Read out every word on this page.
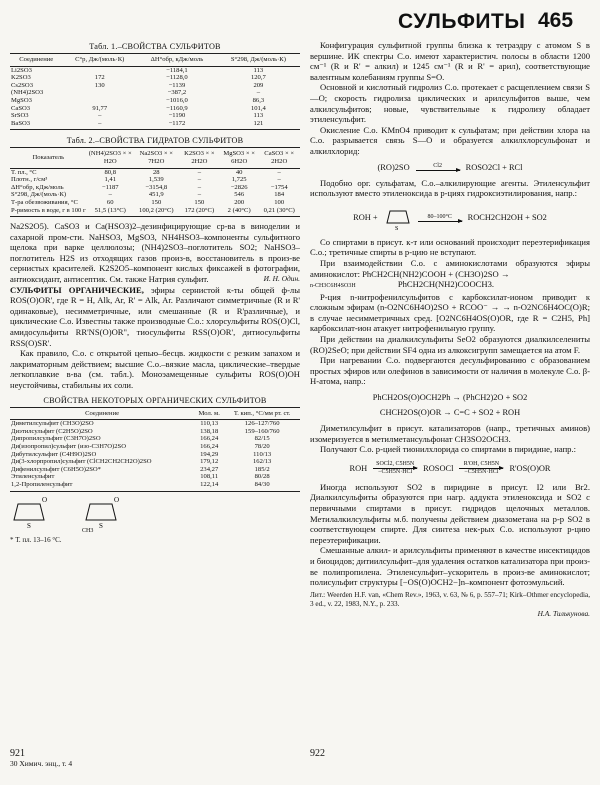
СУЛЬФИТЫ 465
Табл. 1.–СВОЙСТВА СУЛЬФИТОВ
Соединение	C°p, Дж/(моль·К)	ΔH°обр, кДж/моль	S°298, Дж/(моль·К)
Li2SO3		−1184,1	113
K2SO3	172	−1128,0	120,7
Cs2SO3	130	−1139	209
(NH4)2SO3		−387,2	–
MgSO3		−1016,0	86,3
CaSO3	91,77	−1160,9	101,4
SrSO3	–	−1190	113
BaSO3	–	−1172	121
Табл. 2.–СВОЙСТВА ГИДРАТОВ СУЛЬФИТОВ
Показатель	(NH4)2SO3 × × H2O	Na2SO3 × × 7H2O	K2SO3 × × 2H2O	MgSO3 × × 6H2O	CaSO3 × × 2H2O
Т. пл., °С	80,8	28	–	40	–
Плотн., г/см³	1,41	1,539	–	1,725	–
ΔH°обр, кДж/моль	−1187	−3154,8	–	−2826	−1754
S°298, Дж/(моль·К)	–	451,9	–	546	184
Т-ра обезвоживания, °С	60	150	150	200	100
Р-римость в воде, г в 100 г	51,5 (13°С)	100,2 (20°С)	172 (20°С)	2 (40°С)	0,21 (30°С)

Na2S2O5). CaSO3 и Ca(HSO3)2–дезинфицирующие ср-ва в виноделии и сахарной пром-сти. NaHSO3, MgSO3, NH4HSO3–компоненты сульфитного щелока при варке целлюлозы; (NH4)2SO3–поглотитель SO2; NaHSO3–поглотитель H2S из отходящих газов произ-в, восстановитель в произ-ве сернистых красителей. K2S2O5–компонент кислых фиксажей в фотографии, антиоксидант, антисептик. См. также Натрия сульфит.	И. Н. Один.

СУЛЬФИТЫ ОРГАНИЧЕСКИЕ, эфиры сернистой к-ты общей ф-лы ROS(O)OR', где R = H, Alk, Ar, R' = Alk, Ar. Различают симметричные (R и R' одинаковые), несимметричные, или смешанные (R и R'различные), и циклические С.о. Известны также производные С.о.: хлорсульфиты ROS(O)Cl, амидосульфиты RR'NS(O)OR", тиосульфиты RSS(O)OR', дитиосульфиты RSS(O)SR'.

Как правило, С.о. с открытой цепью–бесцв. жидкости с резким запахом и лакриматорным действием; высшие С.о.–вязкие масла, циклические–твердые легкоплавкие в-ва (см. табл.). Моноэамещенные сульфиты ROS(O)OH неустойчивы, стабильны их соли.

СВОЙСТВА НЕКОТОРЫХ ОРГАНИЧЕСКИХ СУЛЬФИТОВ
Соединение	Мол. м.	Т. кип., °С/мм рт. ст.
Диметилсульфит (CH3O)2SO	110,13	126–127/760
Диэтилсульфит (C2H5O)2SO	138,18	159–160/760
Дипропилсульфит (C3H7O)2SO	166,24	82/15
Ди(изопропил)сульфит (изо-C3H7O)2SO	166,24	78/20
Дибутилсульфит (C4H9O)2SO	194,29	110/13
Ди(3-хлорпропил)сульфит (ClCH2CH2CH2O)2SO	179,12	162/13
Дифенилсульфит (C6H5O)2SO*	234,27	185/2
Этиленсульфит	108,11	80/28
1,2-Пропиленсульфит	122,14	84/30
O
S
O
S
CH3
* Т. пл. 13–16 °С.

Конфигурация сульфитной группы близка к тетраэдру с атомом S в вершине. ИК спектры С.о. имеют характеристич. полосы в области 1200 см⁻¹ (R и R' = алкил) и 1245 см⁻¹ (R и R' = арил), соответствующие валентным колебаниям группы S=O.

Основной и кислотный гидролиз С.о. протекает с расщеплением связи S—O; скорость гидролиза циклических и арилсульфитов выше, чем алкилсульфитов; новые, чувствительные к гидролизу обладает этиленсульфит.

Окисление С.о. KMnO4 приводит к сульфатам; при действии хлора на С.о. разрывается связь S—O и образуется алкилхлорсульфонат и алкилхлорид:

(RO)2SO	Cl2	ROSO2Cl + RCl

Подобно орг. сульфатам, С.о.–алкилирующие агенты. Этиленсульфит используют вместо этиленоксида в р-циях гидроксиэтилирования, напр.:

ROH +
S
80–100°C ROCH2CH2OH + SO2

Со спиртами в присут. к-т или оснований происходит переэтерификация С.о.; третичные спирты в р-цию не вступают.

При взаимодействии С.о. с аминокислотами образуются эфиры аминокислот: PhCH2CH(NH2)COOH + (CH3O)2SO →
n-CH3C6H4SO3H	PhCH2CH(NH2)COOCH3.

Р-ция n-нитрофенилсульфитов с карбоксилат-ионом приводит к сложным эфирам (n-O2NC6H4O)2SO + RCOO⁻ → → n-O2NC6H4OC(O)R; в случае несимметричных сред. [O2NC6H4OS(O)OR, где R = C2H5, Ph] карбоксилат-ион атакует нитрофенильную группу.

При действии на диалкилсульфиты SeO2 образуются диалкилселениты (RO)2SeO; при действии SF4 одна из алкоксигрупп замещается на атом F.

При нагревании С.о. подвергаются десульфированию с образованием простых эфиров или олефинов в зависимости от наличия в молекуле С.о. β-Н-атома, напр.:

PhCH2OS(O)OCH2Ph → (PhCH2)2O + SO2
CHCH2OS(O)OR → C=C + SO2 + ROH

Диметилсульфит в присут. катализаторов (напр., третичных аминов) изомеризуется в метилметансульфонат CH3SO2OCH3.

Получают С.о. р-цией тионилхлорида со спиртами в пиридине, напр.:

ROH SOCl2, C5H5N
−C5H5N·HCl ROSOCl R'OH, C5H5N
−C5H5N·HCl R'OS(O)OR

Иногда используют SO2 в пиридине в присут. I2 или Br2. Диалкилсульфиты образуются при нагр. аддукта этиленоксида и SO2 с первичными спиртами в присут. гидридов щелочных металлов. Метилалкилсульфиты м.б. получены действием диазометана на р-р SO2 в соответствующем спирте. Для синтеза нек-рых С.о. используют р-цию переэтерификации.

Смешанные алкил- и арилсульфиты применяют в качестве инсектицидов и биоцидов; дитиилсульфит–для удаления остатков катализатора при произ-ве полипропилена. Этиленсульфит–ускоритель в произ-ве аминокислот; полисульфит структуры [−OS(O)OCH2−]n–компонент фотоэмульсий.

Лит.: Weerden H.F. van, «Chem Rev.», 1963, v. 63, № 6, p. 557–71; Kirk–Othmer encyclopedia, 3 ed., v. 22, 1983, N.Y., p. 233.

Н.А. Тилькунова.
921
30 Химич. энц., т. 4
922
